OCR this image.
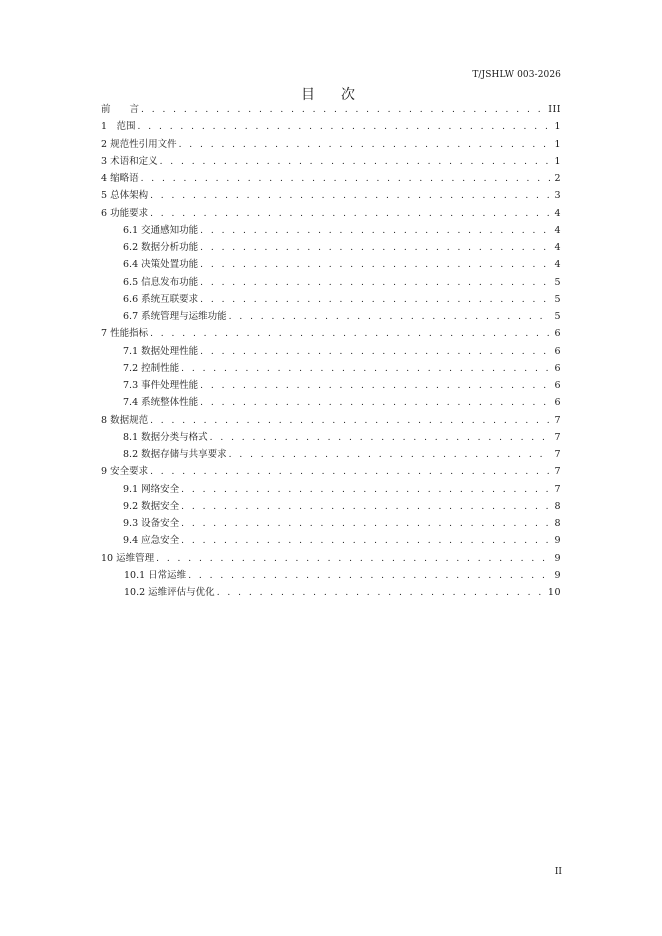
T/JSHLW 003-2026
目　次
前　　言 . . .	III
1　范围 . . .	1
2 规范性引用文件 . . .	1
3 术语和定义 . . .	1
4 缩略语 . . .	2
5 总体架构 . . .	3
6 功能要求 . . .	4
6.1 交通感知功能 . . .	4
6.2 数据分析功能 . . .	4
6.4 决策处置功能 . . .	4
6.5 信息发布功能 . . .	5
6.6 系统互联要求 . . .	5
6.7 系统管理与运维功能 . . .	5
7 性能指标 . . .	6
7.1 数据处理性能 . . .	6
7.2 控制性能 . . .	6
7.3 事件处理性能 . . .	6
7.4 系统整体性能 . . .	6
8 数据规范 . . .	7
8.1 数据分类与格式 . . .	7
8.2 数据存储与共享要求 . . .	7
9 安全要求 . . .	7
9.1 网络安全 . . .	7
9.2 数据安全 . . .	8
9.3 设备安全 . . .	8
9.4 应急安全 . . .	9
10 运维管理 . . .	9
10.1 日常运维 . . .	9
10.2 运维评估与优化 . . .	10
II
